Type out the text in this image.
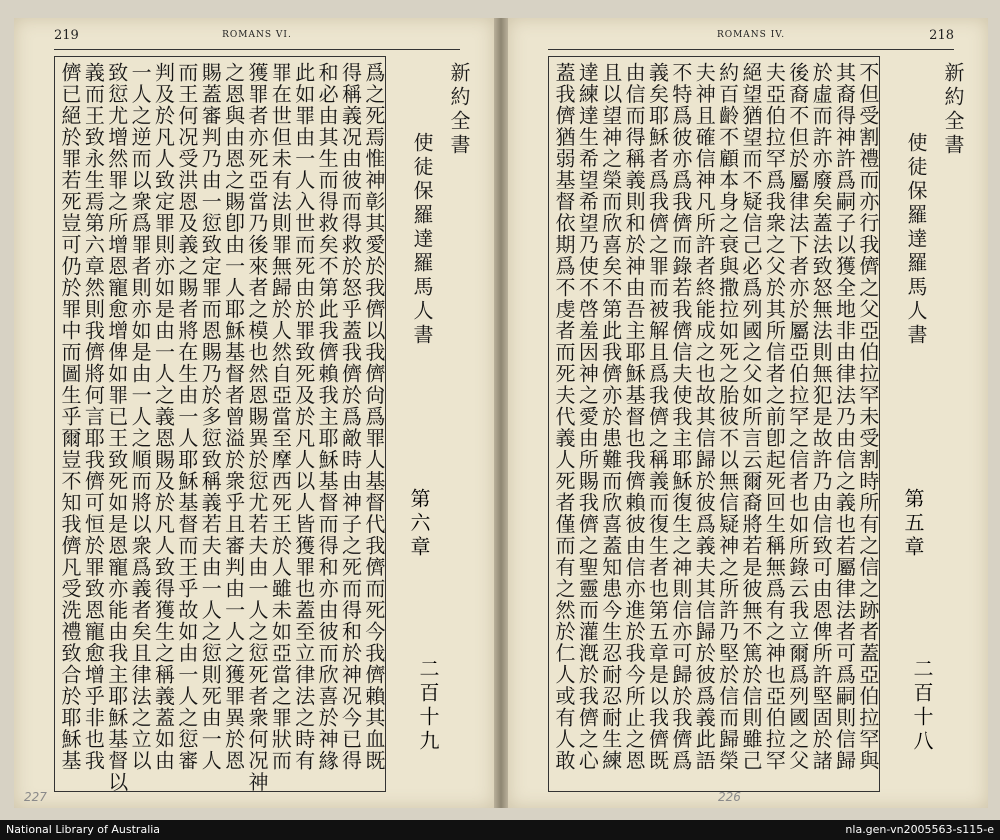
219	ROMANS VI.
爲之死焉惟神彰其愛於我儕以我儕尙爲罪人基督代我儕而死今我儕賴其血既
得稱義况由彼而得救於怒乎蓋我儕於爲敵時由神子之死而得和於神况今已得
和必由其生而得救矣不第此我儕賴我主耶穌基督而得和亦由彼而欣喜於神緣
此如罪由一人入世而死由於罪致死及於凡人以人皆獲罪也蓋至立律法之時有
罪在世但未有法則罪無歸於人然自亞當至摩西死王於人雖未如亞當之罪狀而
獲罪者亦死亞當乃後來者之模也然恩賜異於愆尤若夫由一人之愆死者衆何况神
之恩與由恩之賜卽由一人耶穌基督者曾溢於衆乎且審判由一人之獲罪異於恩
賜蓋審判乃由一愆致定罪而恩賜乃於多愆致稱義若夫由一人之愆則死由一人
而王何况受洪恩及義之賜者將在生由一人耶穌基督而王乎故如由一人之愆審
判及於凡人致定罪則亦如是由一人之義恩賜及於凡人致得獲生之稱義蓋如由
一人之逆而以衆爲罪者則亦如是由一人之順而將以衆爲義者矣且律法之立以
致愆尤增然罪之所增恩寵愈增俾如罪已王致死如是恩寵亦能由我主耶穌基督以
義而王致永生焉第六章然則我儕將何言耶我儕可恒於罪致恩寵愈增乎非也我
儕已絕於罪若死豈可仍於罪中而圖生乎爾豈不知我儕凡受洗禮致合於耶穌基	新約全書
使徒保羅達羅馬人書
第六章
二百十九
227
218
ROMANS IV.
不但受割禮而亦行我儕之父亞伯拉罕未受割時所有之信之跡者蓋亞伯拉罕與
其裔得神許爲嗣子以獲全地非由律法乃由信之義也若屬律法者可爲嗣則信歸
於虛而許亦廢矣蓋法致怒無法則無犯是故許乃由信致可由恩俾所許堅固於諸
後裔不但於屬律法下者亦於屬亞伯拉罕之信者也如所錄云我立爾爲列國之父
夫亞伯拉罕爲我衆之父於其所信者之前卽起死回生稱無爲有之神也亞伯拉罕
絕望猶望而不疑信己必爲列國之父如所言云爾裔將若是彼無不篤於信則雖己
約百齡不顧本身之衰與撒拉如死之胎彼不以無信疑神之所許乃堅於信而歸榮
夫神且確信神凡所許者終能成之也故其信歸於彼爲義夫其信歸於彼爲義此語
不特爲彼亦爲我儕而錄若我儕信夫使我主耶穌復生之神則信亦可歸於我儕爲
義矣耶穌者爲我儕之罪而被解且爲我儕之稱義而復生者也第五章是以我儕既
由信而得稱義則和於神由吾主耶穌基督也我儕賴彼由信亦進於我今所止之恩
且以望神之榮而欣喜矣不第此我儕亦於患難而欣喜蓋知患今生忍耐忍耐生練
達練達生希望希望乃使不啓羞因神之愛由所賜我儕之聖靈而灌漑於我儕之心
蓋我儕猶弱基督依期爲不虔者而死夫代義人死者僅而有之然於仁人或有人敢	新約全書
使徒保羅達羅馬人書
第五章
二百十八
226
National Library of Australia	nla.gen-vn2005563-s115-e
